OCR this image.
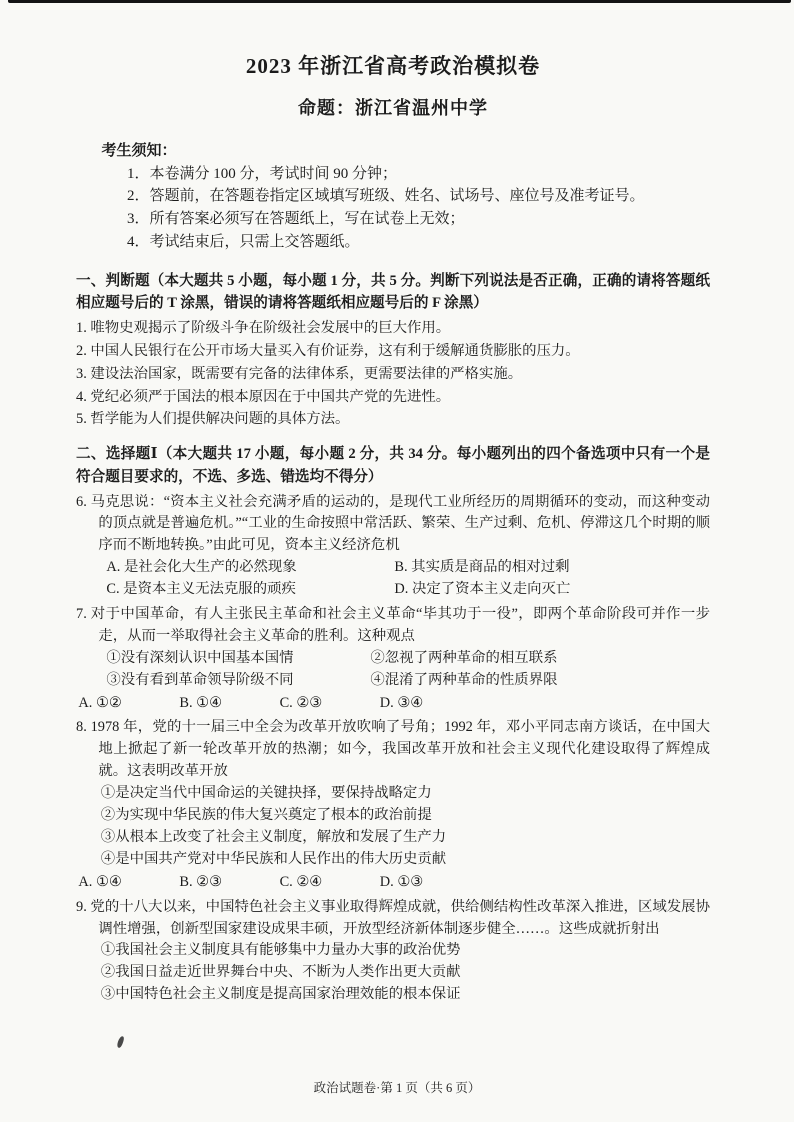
2023 年浙江省高考政治模拟卷
命题：浙江省温州中学
考生须知：
1．本卷满分 100 分，考试时间 90 分钟；
2．答题前，在答题卷指定区域填写班级、姓名、试场号、座位号及准考证号。
3．所有答案必须写在答题纸上，写在试卷上无效；
4．考试结束后，只需上交答题纸。
一、判断题（本大题共 5 小题，每小题 1 分，共 5 分。判断下列说法是否正确，正确的请将答题纸相应题号后的 T 涂黑，错误的请将答题纸相应题号后的 F 涂黑）
1. 唯物史观揭示了阶级斗争在阶级社会发展中的巨大作用。
2. 中国人民银行在公开市场大量买入有价证券，这有利于缓解通货膨胀的压力。
3. 建设法治国家，既需要有完备的法律体系，更需要法律的严格实施。
4. 党纪必须严于国法的根本原因在于中国共产党的先进性。
5. 哲学能为人们提供解决问题的具体方法。
二、选择题Ⅰ（本大题共 17 小题，每小题 2 分，共 34 分。每小题列出的四个备选项中只有一个是符合题目要求的，不选、多选、错选均不得分）

6. 马克思说：“资本主义社会充满矛盾的运动的，是现代工业所经历的周期循环的变动，而这种变动的顶点就是普遍危机。”“工业的生命按照中常活跃、繁荣、生产过剩、危机、停滞这几个时期的顺序而不断地转换。”由此可见，资本主义经济危机

A. 是社会化大生产的必然现象	B. 其实质是商品的相对过剩
C. 是资本主义无法克服的顽疾	D. 决定了资本主义走向灭亡

7. 对于中国革命，有人主张民主革命和社会主义革命“毕其功于一役”，即两个革命阶段可并作一步走，从而一举取得社会主义革命的胜利。这种观点

①没有深刻认识中国基本国情	②忽视了两种革命的相互联系
③没有看到革命领导阶级不同	④混淆了两种革命的性质界限
A. ①②	B. ①④	C. ②③	D. ③④

8. 1978 年，党的十一届三中全会为改革开放吹响了号角；1992 年，邓小平同志南方谈话，在中国大地上掀起了新一轮改革开放的热潮；如今，我国改革开放和社会主义现代化建设取得了辉煌成就。这表明改革开放

①是决定当代中国命运的关键抉择，要保持战略定力
②为实现中华民族的伟大复兴奠定了根本的政治前提
③从根本上改变了社会主义制度，解放和发展了生产力
④是中国共产党对中华民族和人民作出的伟大历史贡献
A. ①④	B. ②③	C. ②④	D. ①③

9. 党的十八大以来，中国特色社会主义事业取得辉煌成就，供给侧结构性改革深入推进，区域发展协调性增强，创新型国家建设成果丰硕，开放型经济新体制逐步健全……。这些成就折射出

①我国社会主义制度具有能够集中力量办大事的政治优势
②我国日益走近世界舞台中央、不断为人类作出更大贡献
③中国特色社会主义制度是提高国家治理效能的根本保证
政治试题卷·第 1 页（共 6 页）
